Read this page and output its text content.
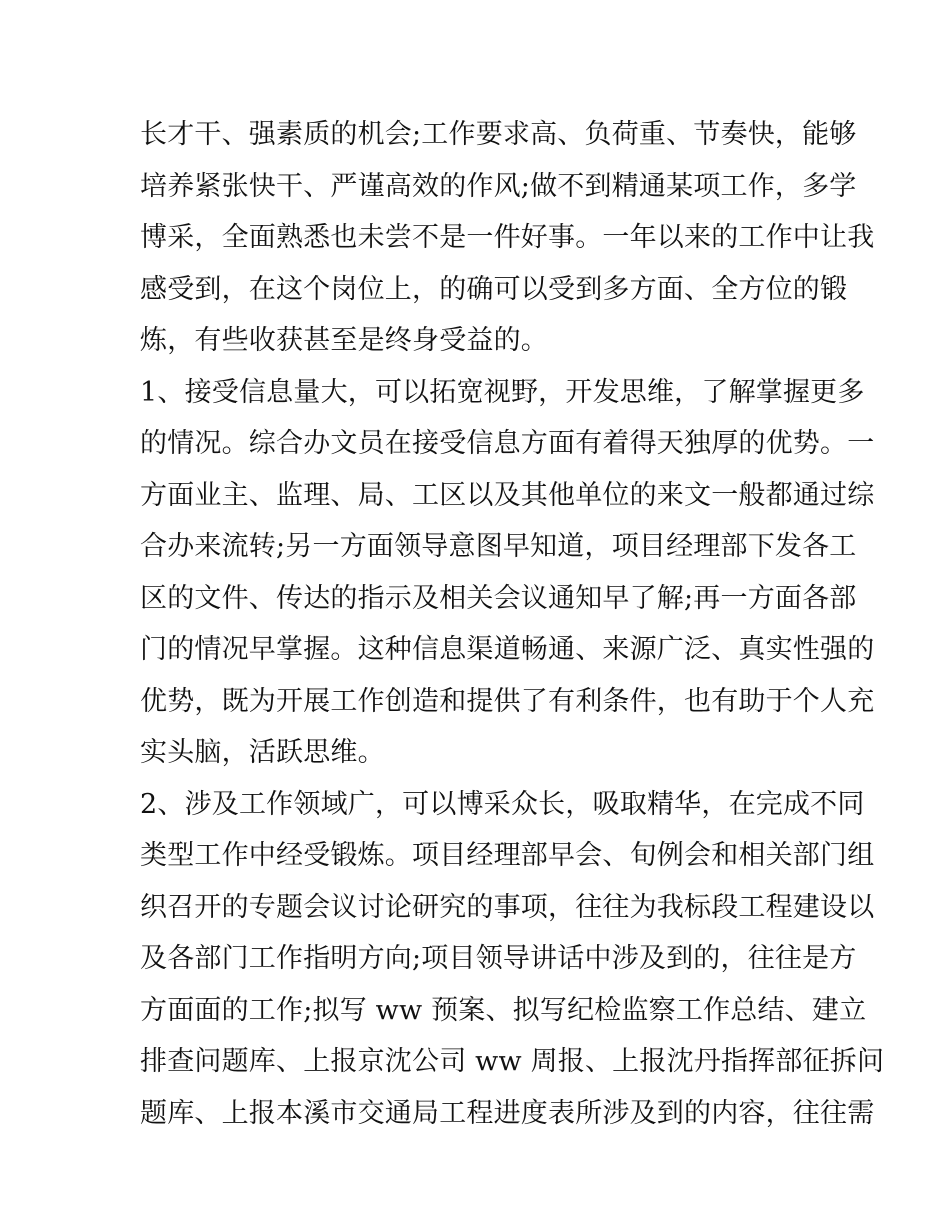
长才干、强素质的机会;工作要求高、负荷重、节奏快，能够
培养紧张快干、严谨高效的作风;做不到精通某项工作，多学
博采，全面熟悉也未尝不是一件好事。一年以来的工作中让我
感受到，在这个岗位上，的确可以受到多方面、全方位的锻
炼，有些收获甚至是终身受益的。
1、接受信息量大，可以拓宽视野，开发思维，了解掌握更多
的情况。综合办文员在接受信息方面有着得天独厚的优势。一
方面业主、监理、局、工区以及其他单位的来文一般都通过综
合办来流转;另一方面领导意图早知道，项目经理部下发各工
区的文件、传达的指示及相关会议通知早了解;再一方面各部
门的情况早掌握。这种信息渠道畅通、来源广泛、真实性强的
优势，既为开展工作创造和提供了有利条件，也有助于个人充
实头脑，活跃思维。
2、涉及工作领域广，可以博采众长，吸取精华，在完成不同
类型工作中经受锻炼。项目经理部早会、旬例会和相关部门组
织召开的专题会议讨论研究的事项，往往为我标段工程建设以
及各部门工作指明方向;项目领导讲话中涉及到的，往往是方
方面面的工作;拟写 ww 预案、拟写纪检监察工作总结、建立
排查问题库、上报京沈公司 ww 周报、上报沈丹指挥部征拆问
题库、上报本溪市交通局工程进度表所涉及到的内容，往往需
